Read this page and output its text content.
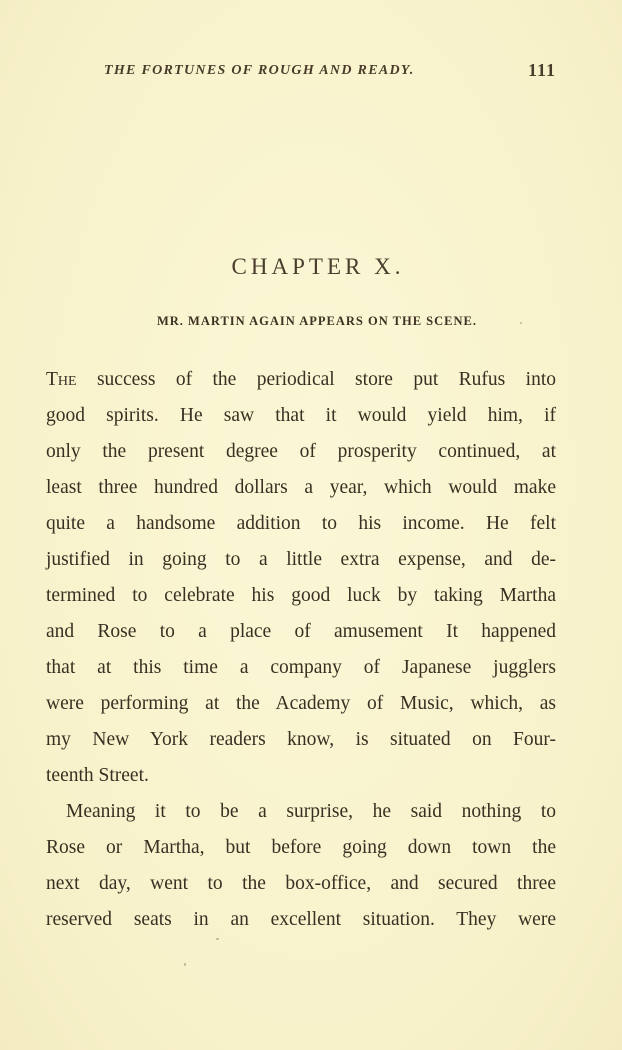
THE FORTUNES OF ROUGH AND READY.	111
CHAPTER X.
MR. MARTIN AGAIN APPEARS ON THE SCENE.
The success of the periodical store put Rufus into
good spirits. He saw that it would yield him, if
only the present degree of prosperity continued, at
least three hundred dollars a year, which would make
quite a handsome addition to his income. He felt
justified in going to a little extra expense, and de-
termined to celebrate his good luck by taking Martha
and Rose to a place of amusement It happened
that at this time a company of Japanese jugglers
were performing at the Academy of Music, which, as
my New York readers know, is situated on Four-
teenth Street.
Meaning it to be a surprise, he said nothing to
Rose or Martha, but before going down town the
next day, went to the box-office, and secured three
reserved seats in an excellent situation. They were
